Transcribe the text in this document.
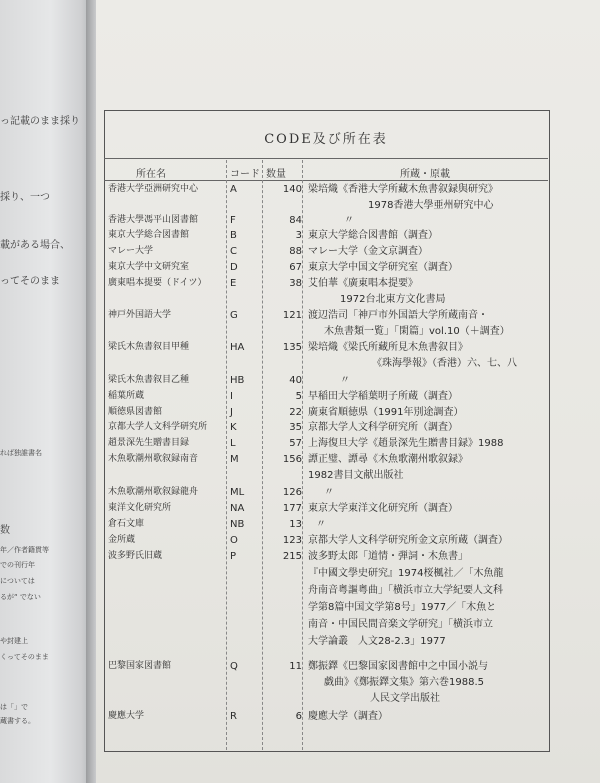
っ記載のまま採り
採り、一つ
載がある場合、
ってそのまま
れば独誰書名
数
年／作者籍貫等
での刊行年
については
るが“ でない
や封建上
くってそのまま
は「」で
蔵書する。
CODE及び所在表
所在名	コード 数量	所蔵・原載
香港大学亞洲研究中心	A	140 梁培熾《香港大学所藏木魚書叙録與研究》
1978香港大學亜州研究中心
香港大學馮平山図書館	F	84	〃
東京大学総合図書館	B	3 東京大学総合図書館（調査）
マレー大学	C	88 マレー大学（金文京調査）
東京大学中文研究室	D	67 東京大学中国文学研究室（調査）
廣東唱本提要（ドイツ） E	38 艾伯華《廣東唱本提要》
1972台北東方文化書局
神戸外国語大学	G	121 渡辺浩司「神戸市外国語大学所蔵南音・
木魚書類一覧」「閑篇」vol.10（＋調査）
梁氏木魚書叙目甲種	HA	135 梁培熾《梁氏所藏所見木魚書叙目》
《珠海學報》（香港）六、七、八
梁氏木魚書叙目乙種	HB	40	〃
稲葉所蔵	I	5 早稲田大学稲葉明子所蔵（調査）
順徳県図書館	J	22 廣東省順徳県（1991年別途調査）
京都大学人文科学研究所 K	35 京都大学人文科学研究所（調査）
趙景深先生贈書目録	L	57 上海復旦大学《趙景深先生贈書目録》1988
木魚歌潮州歌叙録南音	M	156 譚正璧、譚尋《木魚歌潮州歌叙録》
1982書目文献出版社
木魚歌潮州歌叙録龍舟	ML	126 〃
東洋文化研究所	NA	177 東京大学東洋文化研究所（調査）
倉石文庫	NB	13 〃
金所蔵	O	123 京都大学人文科学研究所金文京所蔵（調査）
波多野氏旧蔵	P	215 波多野太郎「道情・弾詞・木魚書」
『中國文學史研究』1974桜楓社／「木魚龍
舟南音粤謳粤曲」「横浜市立大学紀要人文科
学第8篇中国文学第8号」1977／「木魚と
南音・中国民間音楽文学研究」「横浜市立
大学論叢　人文28-2.3」1977
巴黎国家図書館	Q	11 鄭振鐸《巴黎国家図書館中之中国小説与
戯曲》《鄭振鐸文集》第六巻1988.5
人民文学出版社
慶應大学	R	6 慶應大学（調査）
